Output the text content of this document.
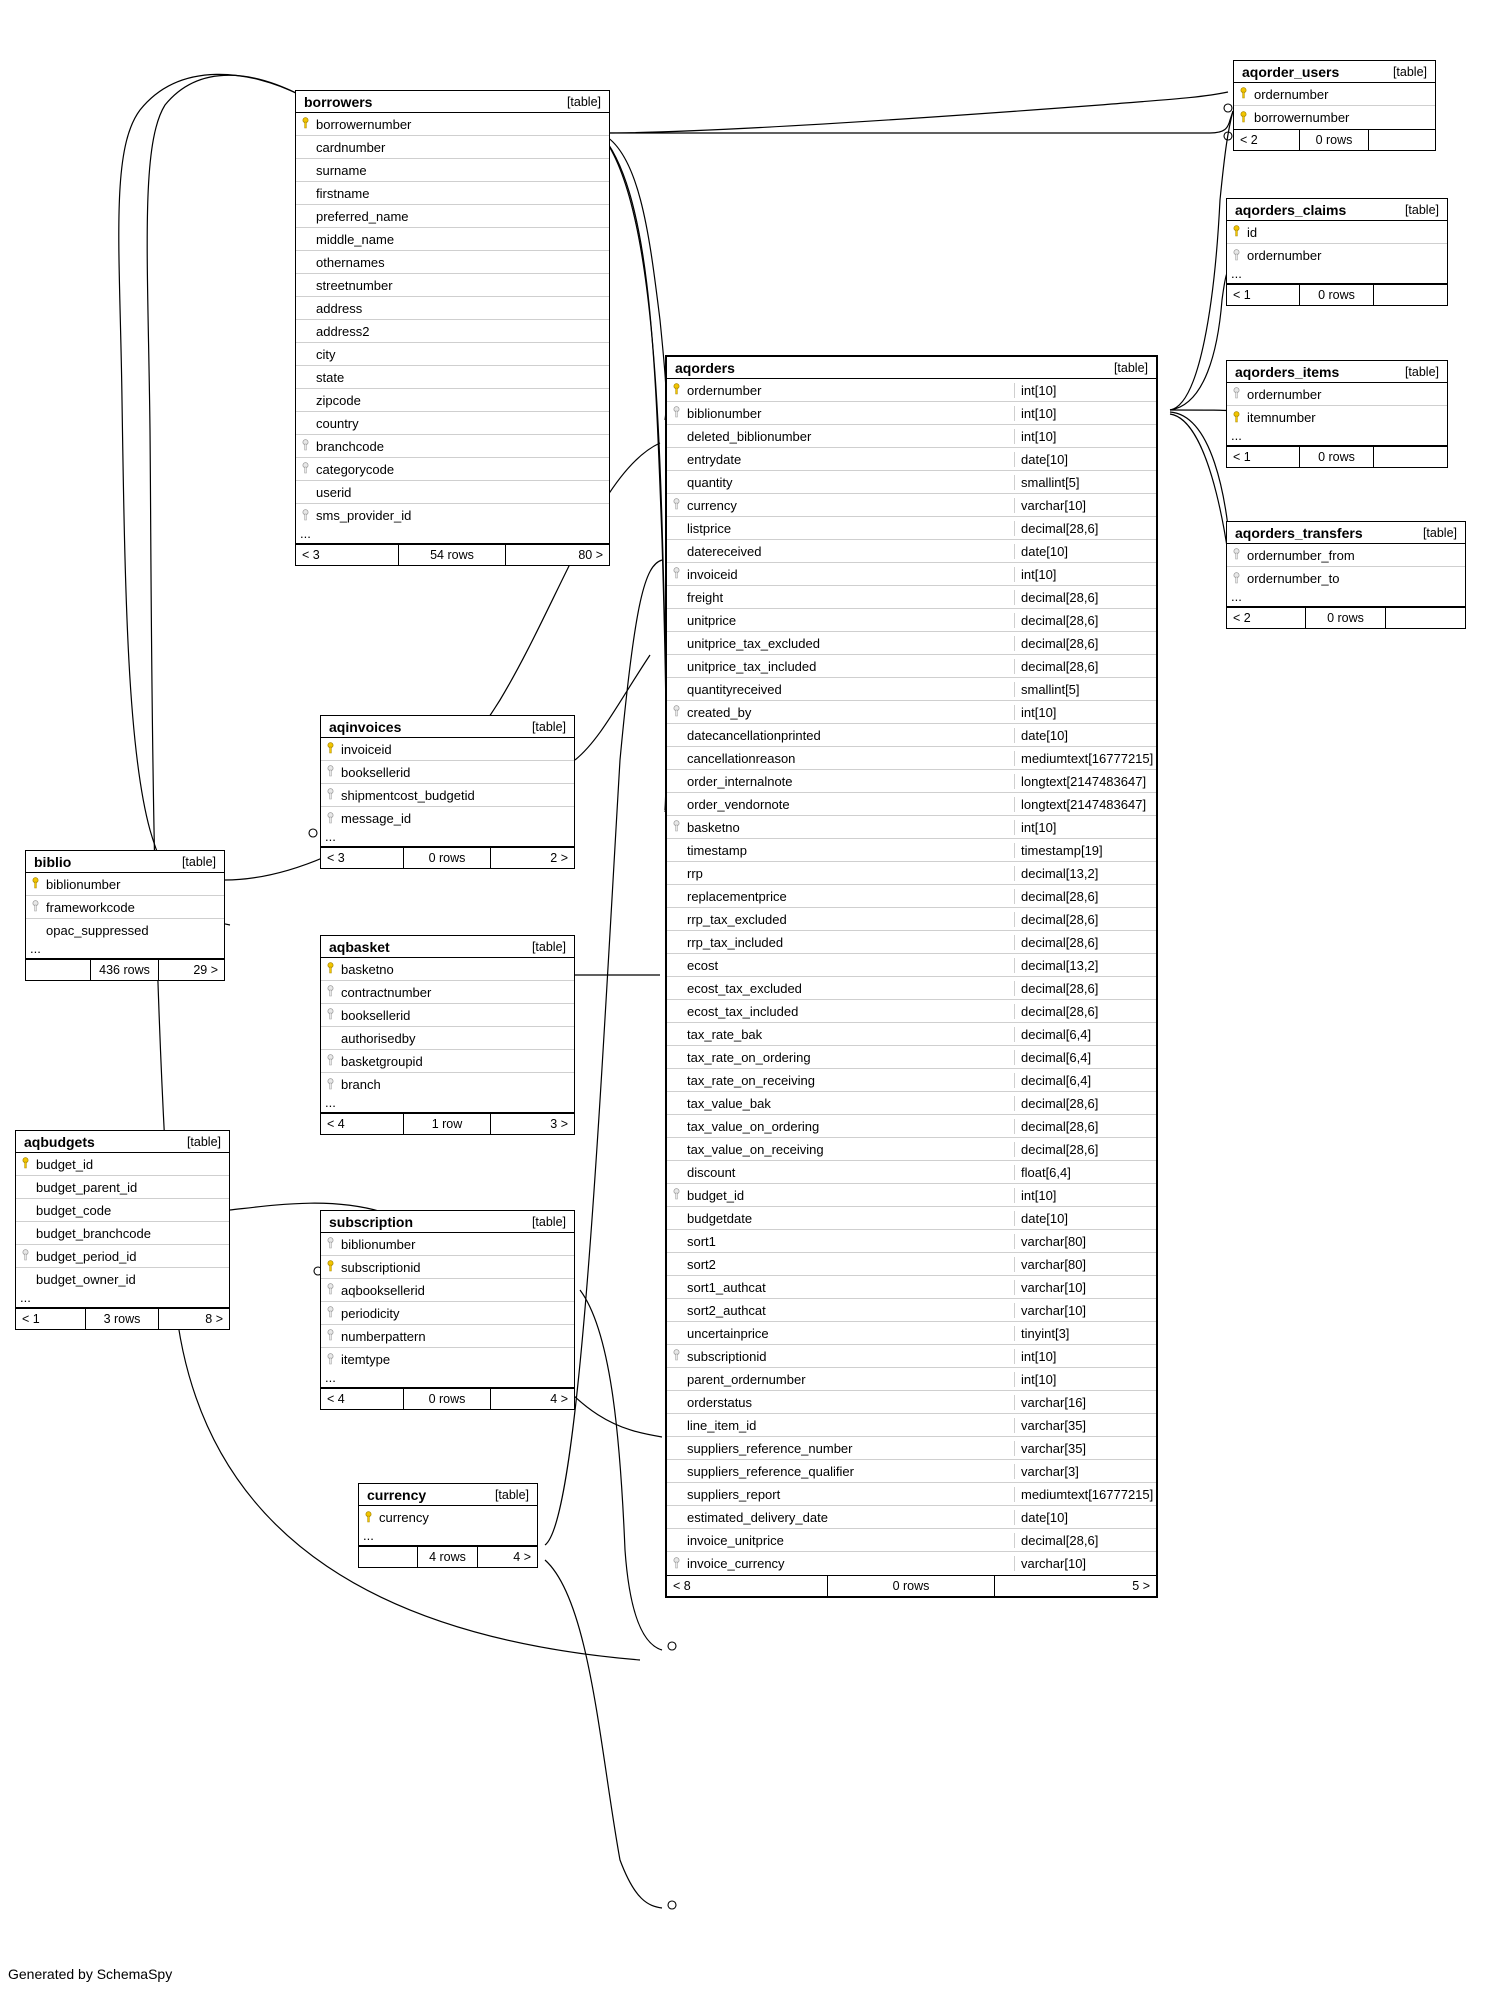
borrowers	[table]
borrowernumber
cardnumber
surname
firstname
preferred_name
middle_name
othernames
streetnumber
address
address2
city
state
zipcode
country
branchcode
categorycode
userid
sms_provider_id
...
< 3	54 rows	80 >
aqinvoices	[table]
invoiceid
booksellerid
shipmentcost_budgetid
message_id
...
< 3	0 rows	2 >
aqbasket	[table]
basketno
contractnumber
booksellerid
authorisedby
basketgroupid
branch
...
< 4	1 row	3 >
subscription	[table]
biblionumber
subscriptionid
aqbooksellerid
periodicity
numberpattern
itemtype
...
< 4	0 rows	4 >
currency	[table]
currency
...
4 rows	4 >
biblio	[table]
biblionumber
frameworkcode
opac_suppressed
...
436 rows	29 >
aqbudgets	[table]
budget_id
budget_parent_id
budget_code
budget_branchcode
budget_period_id
budget_owner_id
...
< 1	3 rows	8 >
aqorders	[table]
ordernumber	int[10]
biblionumber	int[10]
deleted_biblionumber	int[10]
entrydate	date[10]
quantity	smallint[5]
currency	varchar[10]
listprice	decimal[28,6]
datereceived	date[10]
invoiceid	int[10]
freight	decimal[28,6]
unitprice	decimal[28,6]
unitprice_tax_excluded	decimal[28,6]
unitprice_tax_included	decimal[28,6]
quantityreceived	smallint[5]
created_by	int[10]
datecancellationprinted	date[10]
cancellationreason	mediumtext[16777215]
order_internalnote	longtext[2147483647]
order_vendornote	longtext[2147483647]
basketno	int[10]
timestamp	timestamp[19]
rrp	decimal[13,2]
replacementprice	decimal[28,6]
rrp_tax_excluded	decimal[28,6]
rrp_tax_included	decimal[28,6]
ecost	decimal[13,2]
ecost_tax_excluded	decimal[28,6]
ecost_tax_included	decimal[28,6]
tax_rate_bak	decimal[6,4]
tax_rate_on_ordering	decimal[6,4]
tax_rate_on_receiving	decimal[6,4]
tax_value_bak	decimal[28,6]
tax_value_on_ordering	decimal[28,6]
tax_value_on_receiving	decimal[28,6]
discount	float[6,4]
budget_id	int[10]
budgetdate	date[10]
sort1	varchar[80]
sort2	varchar[80]
sort1_authcat	varchar[10]
sort2_authcat	varchar[10]
uncertainprice	tinyint[3]
subscriptionid	int[10]
parent_ordernumber	int[10]
orderstatus	varchar[16]
line_item_id	varchar[35]
suppliers_reference_number	varchar[35]
suppliers_reference_qualifier	varchar[3]
suppliers_report	mediumtext[16777215]
estimated_delivery_date	date[10]
invoice_unitprice	decimal[28,6]
invoice_currency	varchar[10]
< 8	0 rows	5 >
aqorder_users	[table]
ordernumber
borrowernumber
< 2	0 rows
aqorders_claims	[table]
id
ordernumber
...
< 1	0 rows
aqorders_items	[table]
ordernumber
itemnumber
...
< 1	0 rows
aqorders_transfers	[table]
ordernumber_from
ordernumber_to
...
< 2	0 rows
Generated by SchemaSpy
